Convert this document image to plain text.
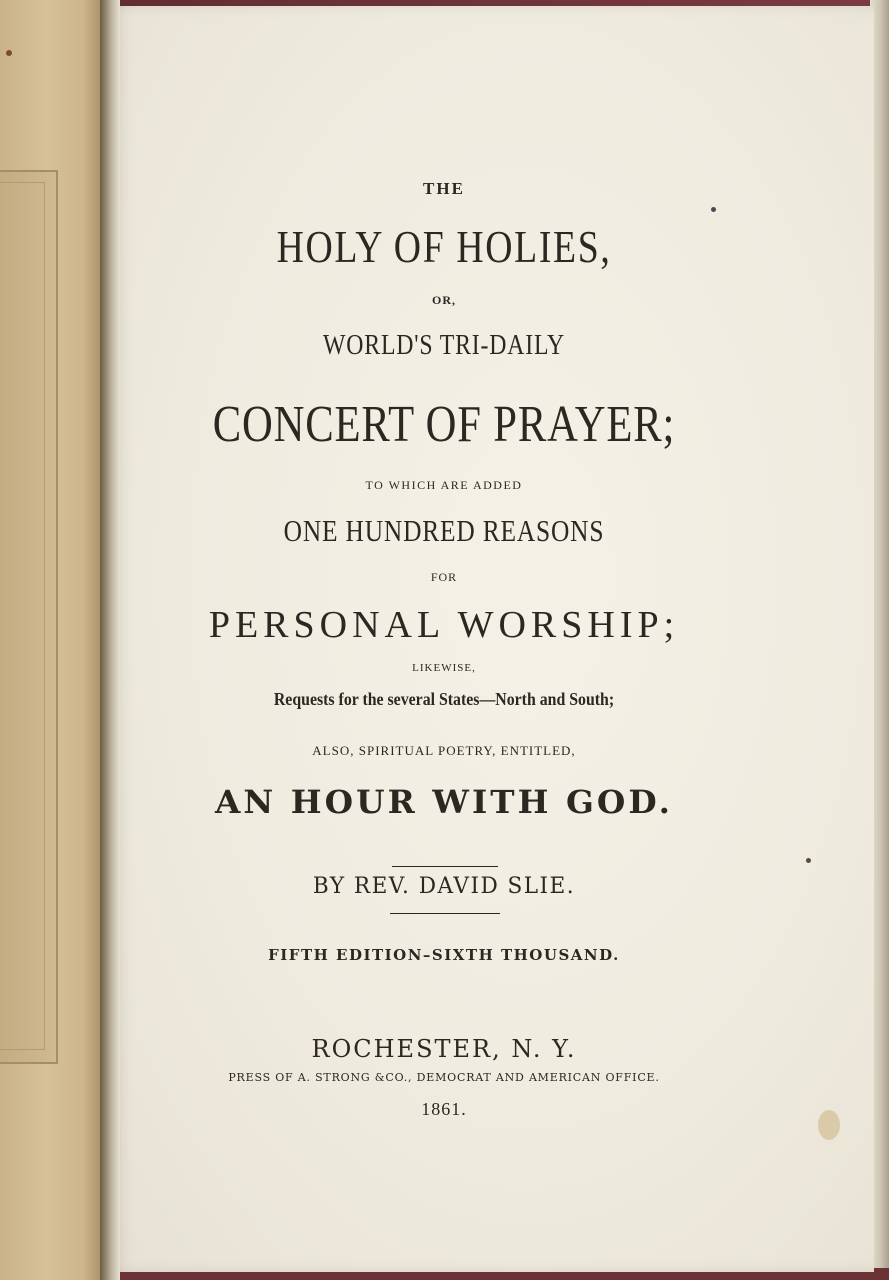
THE
HOLY OF HOLIES,
OR,
WORLD'S TRI-DAILY
CONCERT OF PRAYER;
TO WHICH ARE ADDED
ONE HUNDRED REASONS
FOR
PERSONAL WORSHIP;
LIKEWISE,
Requests for the several States—North and South;
ALSO, SPIRITUAL POETRY, ENTITLED,
AN HOUR WITH GOD.
BY REV. DAVID SLIE.
FIFTH EDITION–SIXTH THOUSAND.
ROCHESTER, N. Y.
PRESS OF A. STRONG &CO., DEMOCRAT AND AMERICAN OFFICE.
1861.
